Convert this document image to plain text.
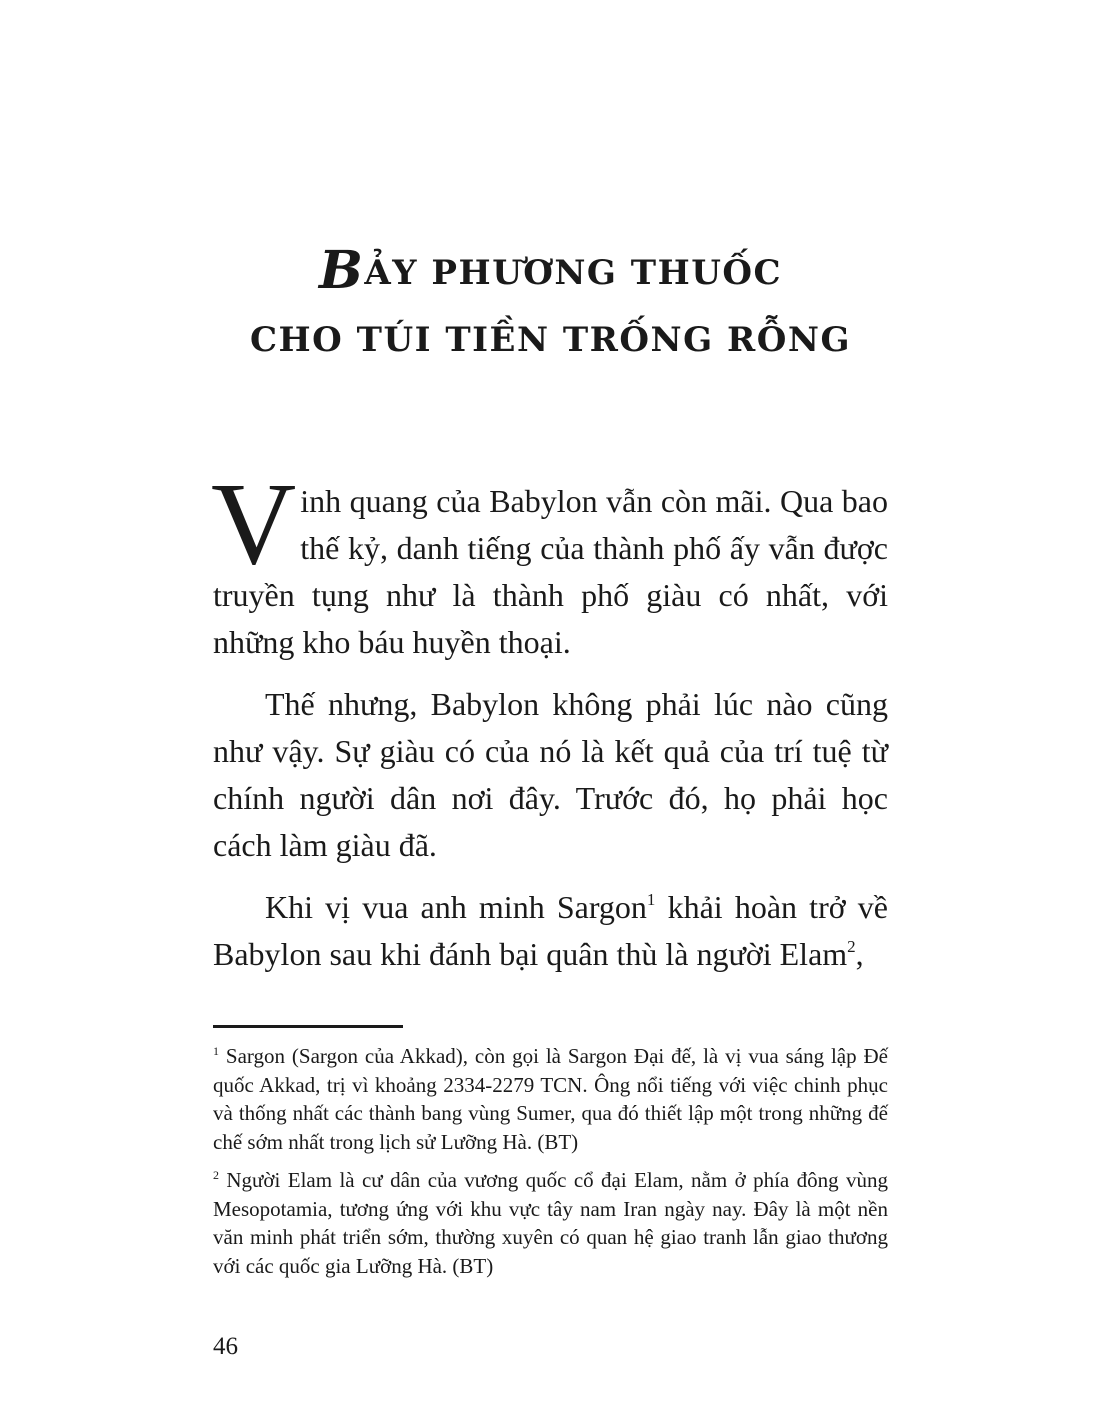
BẢY PHƯƠNG THUỐC
CHO TÚI TIỀN TRỐNG RỖNG

Vinh quang của Babylon vẫn còn mãi. Qua bao thế kỷ, danh tiếng của thành phố ấy vẫn được truyền tụng như là thành phố giàu có nhất, với những kho báu huyền thoại.

Thế nhưng, Babylon không phải lúc nào cũng như vậy. Sự giàu có của nó là kết quả của trí tuệ từ chính người dân nơi đây. Trước đó, họ phải học cách làm giàu đã.

Khi vị vua anh minh Sargon$^1$ khải hoàn trở về Babylon sau khi đánh bại quân thù là người Elam$^2$,

$^1$ Sargon (Sargon của Akkad), còn gọi là Sargon Đại đế, là vị vua sáng lập Đế quốc Akkad, trị vì khoảng 2334-2279 TCN. Ông nổi tiếng với việc chinh phục và thống nhất các thành bang vùng Sumer, qua đó thiết lập một trong những đế chế sớm nhất trong lịch sử Lưỡng Hà. (BT)

$^2$ Người Elam là cư dân của vương quốc cổ đại Elam, nằm ở phía đông vùng Mesopotamia, tương ứng với khu vực tây nam Iran ngày nay. Đây là một nền văn minh phát triển sớm, thường xuyên có quan hệ giao tranh lẫn giao thương với các quốc gia Lưỡng Hà. (BT)

46
